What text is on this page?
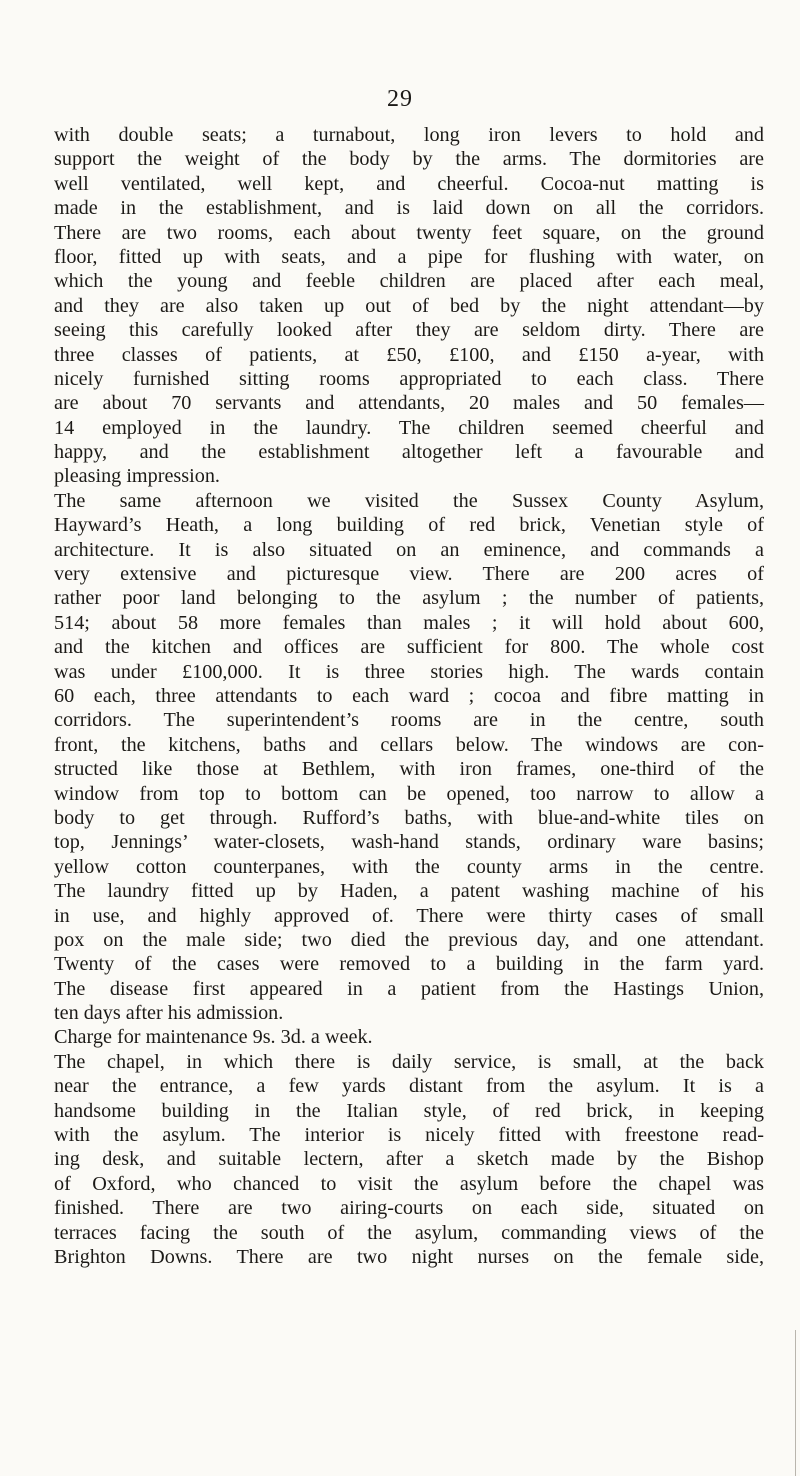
29
with double seats; a turnabout, long iron levers to hold and
support the weight of the body by the arms. The dormitories are
well ventilated, well kept, and cheerful. Cocoa-nut matting is
made in the establishment, and is laid down on all the corridors.
There are two rooms, each about twenty feet square, on the ground
floor, fitted up with seats, and a pipe for flushing with water, on
which the young and feeble children are placed after each meal,
and they are also taken up out of bed by the night attendant—by
seeing this carefully looked after they are seldom dirty. There are
three classes of patients, at £50, £100, and £150 a-year, with
nicely furnished sitting rooms appropriated to each class. There
are about 70 servants and attendants, 20 males and 50 females—
14 employed in the laundry. The children seemed cheerful and
happy, and the establishment altogether left a favourable and
pleasing impression.
The same afternoon we visited the Sussex County Asylum,
Hayward’s Heath, a long building of red brick, Venetian style of
architecture. It is also situated on an eminence, and commands a
very extensive and picturesque view. There are 200 acres of
rather poor land belonging to the asylum ; the number of patients,
514; about 58 more females than males ; it will hold about 600,
and the kitchen and offices are sufficient for 800. The whole cost
was under £100,000. It is three stories high. The wards contain
60 each, three attendants to each ward ; cocoa and fibre matting in
corridors. The superintendent’s rooms are in the centre, south
front, the kitchens, baths and cellars below. The windows are con-
structed like those at Bethlem, with iron frames, one-third of the
window from top to bottom can be opened, too narrow to allow a
body to get through. Rufford’s baths, with blue-and-white tiles on
top, Jennings’ water-closets, wash-hand stands, ordinary ware basins;
yellow cotton counterpanes, with the county arms in the centre.
The laundry fitted up by Haden, a patent washing machine of his
in use, and highly approved of. There were thirty cases of small
pox on the male side; two died the previous day, and one attendant.
Twenty of the cases were removed to a building in the farm yard.
The disease first appeared in a patient from the Hastings Union,
ten days after his admission.
Charge for maintenance 9s. 3d. a week.
The chapel, in which there is daily service, is small, at the back
near the entrance, a few yards distant from the asylum. It is a
handsome building in the Italian style, of red brick, in keeping
with the asylum. The interior is nicely fitted with freestone read-
ing desk, and suitable lectern, after a sketch made by the Bishop
of Oxford, who chanced to visit the asylum before the chapel was
finished. There are two airing-courts on each side, situated on
terraces facing the south of the asylum, commanding views of the
Brighton Downs. There are two night nurses on the female side,
